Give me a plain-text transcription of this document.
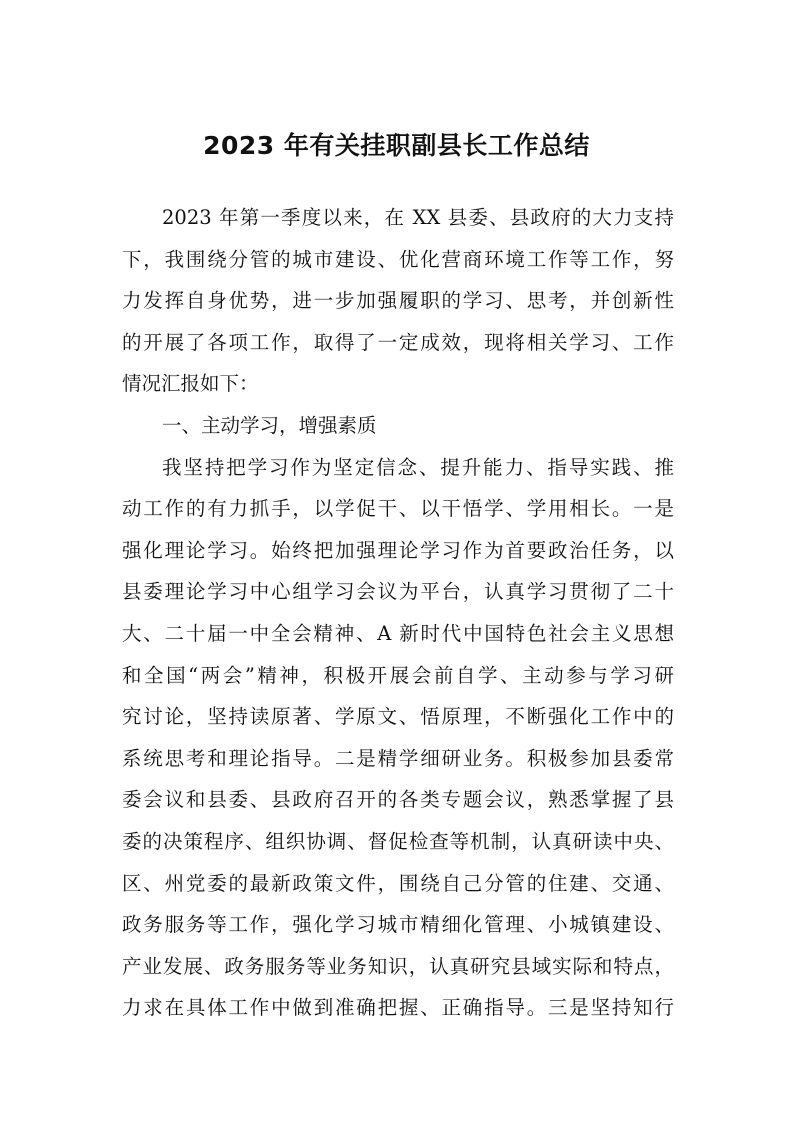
2023 年有关挂职副县长工作总结
2023 年第一季度以来，在 XX 县委、县政府的大力支持
下，我围绕分管的城市建设、优化营商环境工作等工作，努
力发挥自身优势，进一步加强履职的学习、思考，并创新性
的开展了各项工作，取得了一定成效，现将相关学习、工作
情况汇报如下：
一、主动学习，增强素质
我坚持把学习作为坚定信念、提升能力、指导实践、推
动工作的有力抓手，以学促干、以干悟学、学用相长。一是
强化理论学习。始终把加强理论学习作为首要政治任务，以
县委理论学习中心组学习会议为平台，认真学习贯彻了二十
大、二十届一中全会精神、A 新时代中国特色社会主义思想
和全国“两会”精神，积极开展会前自学、主动参与学习研
究讨论，坚持读原著、学原文、悟原理，不断强化工作中的
系统思考和理论指导。二是精学细研业务。积极参加县委常
委会议和县委、县政府召开的各类专题会议，熟悉掌握了县
委的决策程序、组织协调、督促检查等机制，认真研读中央、
区、州党委的最新政策文件，围绕自己分管的住建、交通、
政务服务等工作，强化学习城市精细化管理、小城镇建设、
产业发展、政务服务等业务知识，认真研究县域实际和特点，
力求在具体工作中做到准确把握、正确指导。三是坚持知行
